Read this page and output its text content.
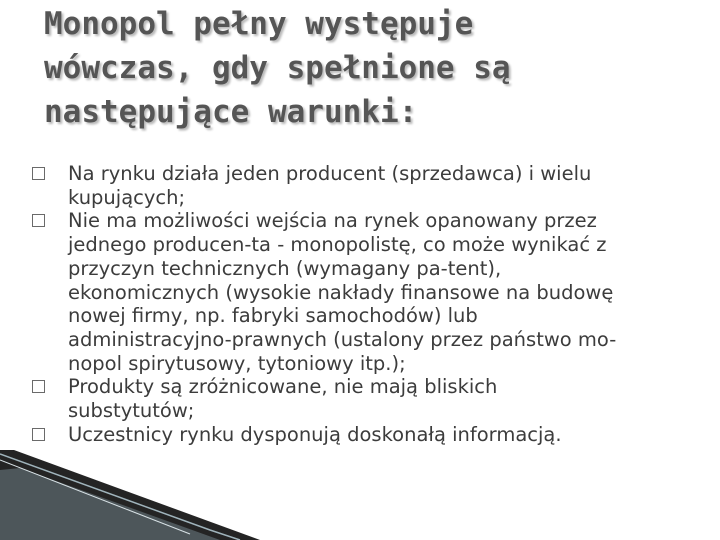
Monopol pełny występuje
wówczas, gdy spełnione są
następujące warunki:
Na rynku działa jeden producent (sprzedawca) i wielu kupujących;
Nie ma możliwości wejścia na rynek opanowany przez jednego producen-ta - monopolistę, co może wynikać z przyczyn technicznych (wymagany pa-tent), ekonomicznych (wysokie nakłady finansowe na budowę nowej firmy, np. fabryki samochodów) lub administracyjno-prawnych (ustalony przez państwo mo-nopol spirytusowy, tytoniowy itp.);
Produkty są zróżnicowane, nie mają bliskich substytutów;
Uczestnicy rynku dysponują doskonałą informacją.
